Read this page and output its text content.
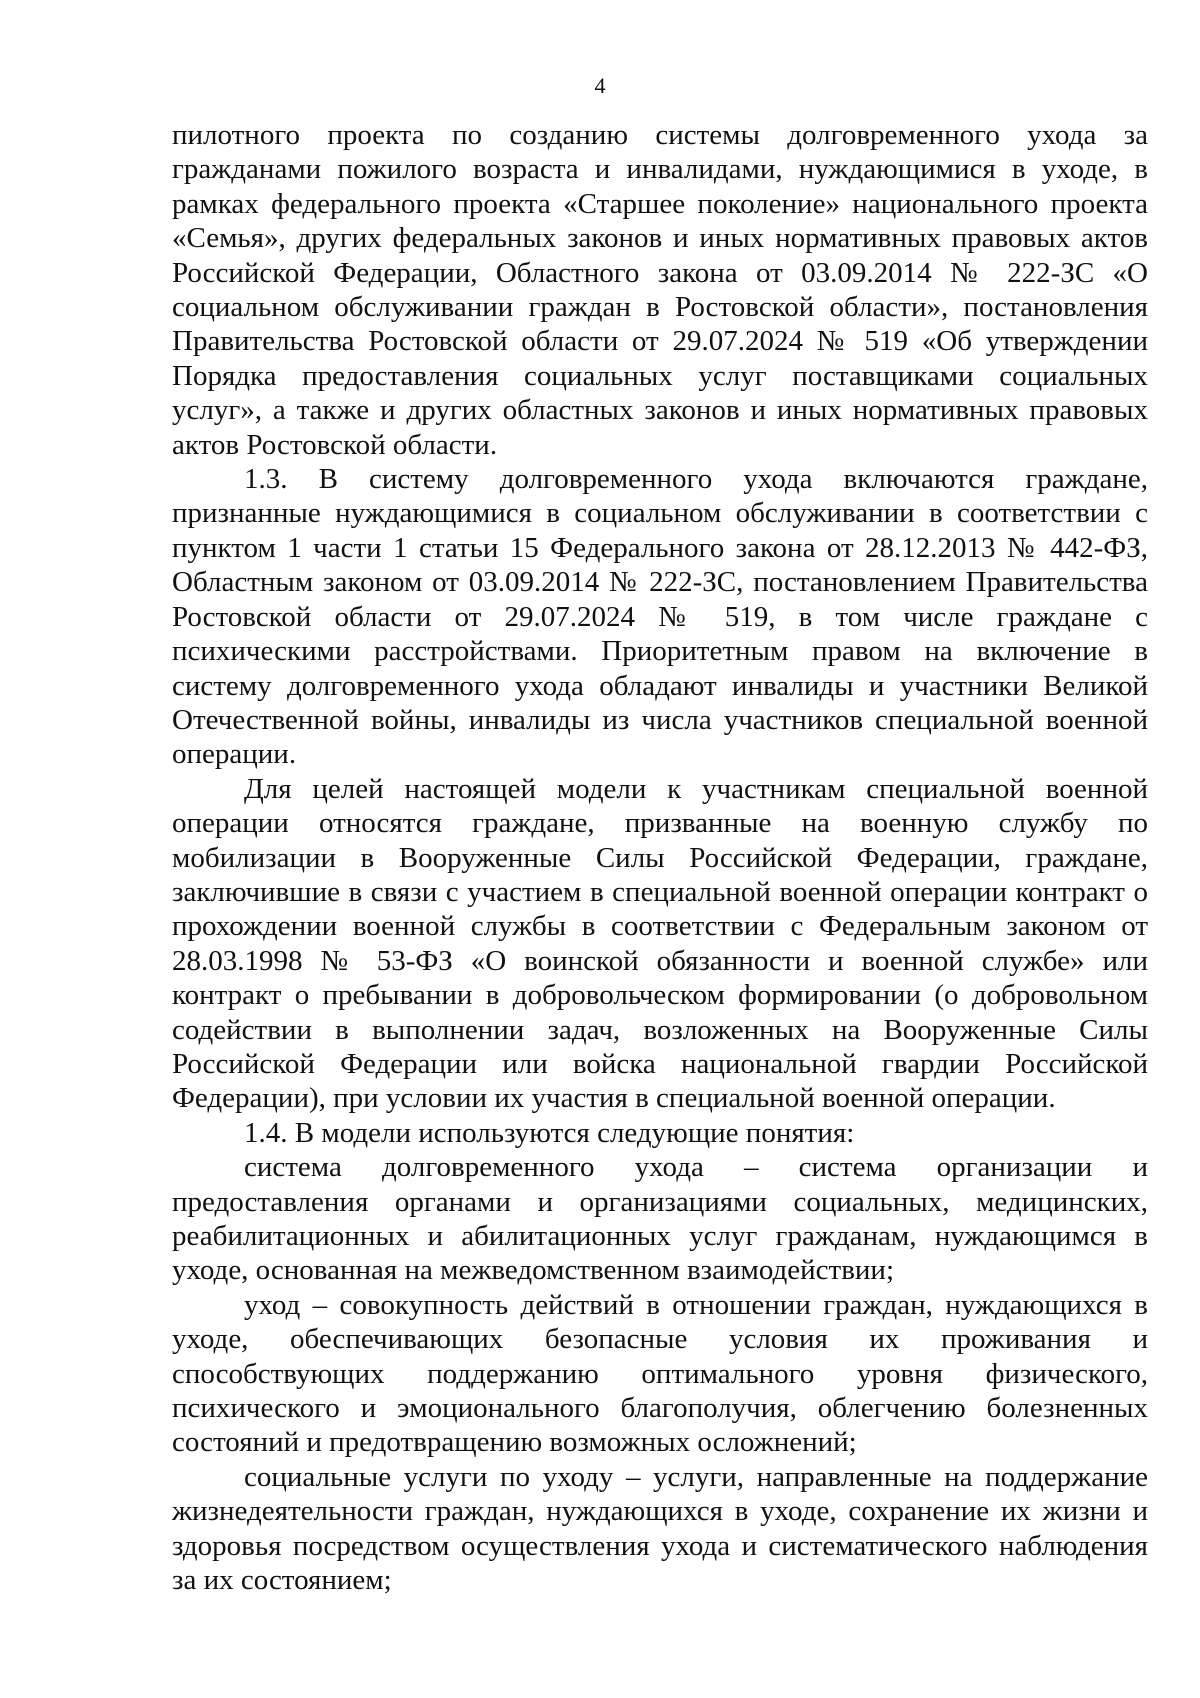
4

пилотного проекта по созданию системы долговременного ухода за гражданами пожилого возраста и инвалидами, нуждающимися в уходе, в рамках федерального проекта «Старшее поколение» национального проекта «Семья», других федеральных законов и иных нормативных правовых актов Российской Федерации, Областного закона от 03.09.2014 № 222-ЗС «О социальном обслуживании граждан в Ростовской области», постановления Правительства Ростовской области от 29.07.2024 № 519 «Об утверждении Порядка предоставления социальных услуг поставщиками социальных услуг», а также и других областных законов и иных нормативных правовых актов Ростовской области.

1.3. В систему долговременного ухода включаются граждане, признанные нуждающимися в социальном обслуживании в соответствии с пунктом 1 части 1 статьи 15 Федерального закона от 28.12.2013 № 442-ФЗ, Областным законом от 03.09.2014 № 222-ЗС, постановлением Правительства Ростовской области от 29.07.2024 № 519, в том числе граждане с психическими расстройствами. Приоритетным правом на включение в систему долговременного ухода обладают инвалиды и участники Великой Отечественной войны, инвалиды из числа участников специальной военной операции.

Для целей настоящей модели к участникам специальной военной операции относятся граждане, призванные на военную службу по мобилизации в Вооруженные Силы Российской Федерации, граждане, заключившие в связи с участием в специальной военной операции контракт о прохождении военной службы в соответствии с Федеральным законом от 28.03.1998 № 53-ФЗ «О воинской обязанности и военной службе» или контракт о пребывании в добровольческом формировании (о добровольном содействии в выполнении задач, возложенных на Вооруженные Силы Российской Федерации или войска национальной гвардии Российской Федерации), при условии их участия в специальной военной операции.

1.4. В модели используются следующие понятия:

система долговременного ухода – система организации и предоставления органами и организациями социальных, медицинских, реабилитационных и абилитационных услуг гражданам, нуждающимся в уходе, основанная на межведомственном взаимодействии;

уход – совокупность действий в отношении граждан, нуждающихся в уходе, обеспечивающих безопасные условия их проживания и способствующих поддержанию оптимального уровня физического, психического и эмоционального благополучия, облегчению болезненных состояний и предотвращению возможных осложнений;

социальные услуги по уходу – услуги, направленные на поддержание жизнедеятельности граждан, нуждающихся в уходе, сохранение их жизни и здоровья посредством осуществления ухода и систематического наблюдения за их состоянием;
